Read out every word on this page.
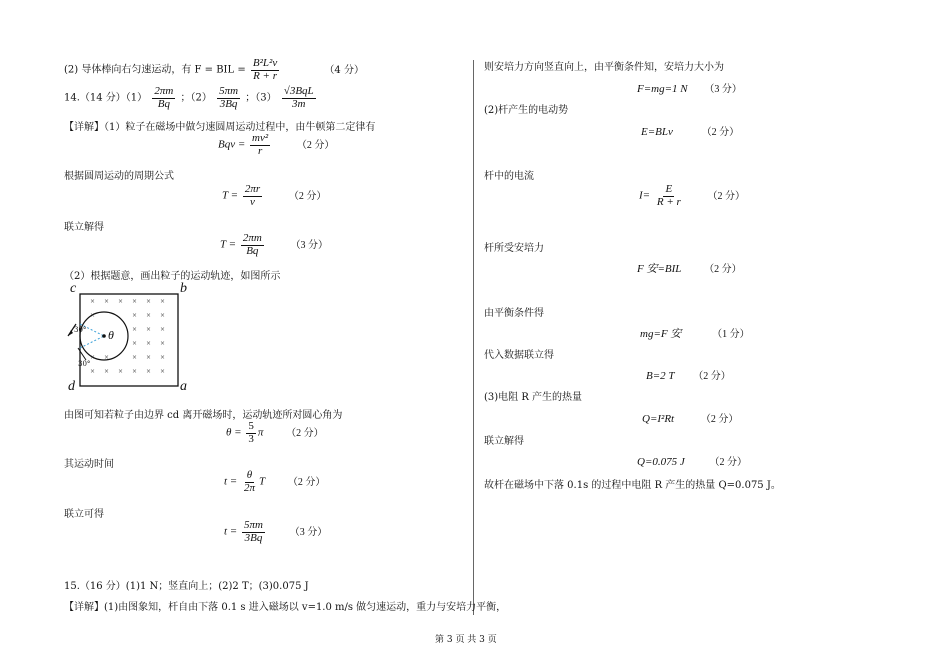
(2) 导体棒向右匀速运动，有 F = BIL = $\frac{\text{B²L²v}}{R + r}$	（4 分）
14.（14 分）$(1) \frac{2\pi m}{Bq}$ ；$(2) \frac{5\pi m}{3Bq}$ ；$(3) \frac{\text{√3BqL}}{3m}$
【详解】（1）粒子在磁场中做匀速圆周运动过程中，由牛顿第二定律有
Bqv = $\frac{\text{mv²}}{r}$	（2 分）
根据圆周运动的周期公式
$T = \frac{2\pi r}{v}$	（2 分）
联立解得
$T = \frac{2\pi m}{Bq}$	（3 分）
（2）根据题意，画出粒子的运动轨迹，如图所示
× × × × × ×
×	× × ×
× × ×
× × ×
× ×	× × ×
× × × × × ×
c	b
d	a
θ
30°
30°
由图可知若粒子由边界 cd 离开磁场时，运动轨迹所对圆心角为
$\theta = \frac{5}{3}$ π （2 分）
其运动时间
$t = \frac{\theta}{2\pi}$ T （2 分）
联立可得
$t = \frac{5\pi m}{3Bq} (3$ 分）
15.（16 分）(1)1 N；竖直向上；(2)2 T；(3)0.075 J
【详解】(1)由图象知，杆自由下落 0.1 s 进入磁场以 v=1.0 m/s 做匀速运动，重力与安培力平衡，
则安培力方向竖直向上，由平衡条件知，安培力大小为
F=mg=1 N （3 分）
(2)杆产生的电动势
E=BLv	（2 分）
杆中的电流
$I= \frac{E}{R + r} (2$ 分）
杆所受安培力
F 安=BIL （2 分）
由平衡条件得
mg=F 安	（1 分）
代入数据联立得
B=2 T （2 分）
(3)电阻 R 产生的热量
Q=I²Rt	（2 分）
联立解得
Q=0.075 J （2 分）
故杆在磁场中下落 0.1s 的过程中电阻 R 产生的热量 Q=0.075 J。
第 3 页 共 3 页
